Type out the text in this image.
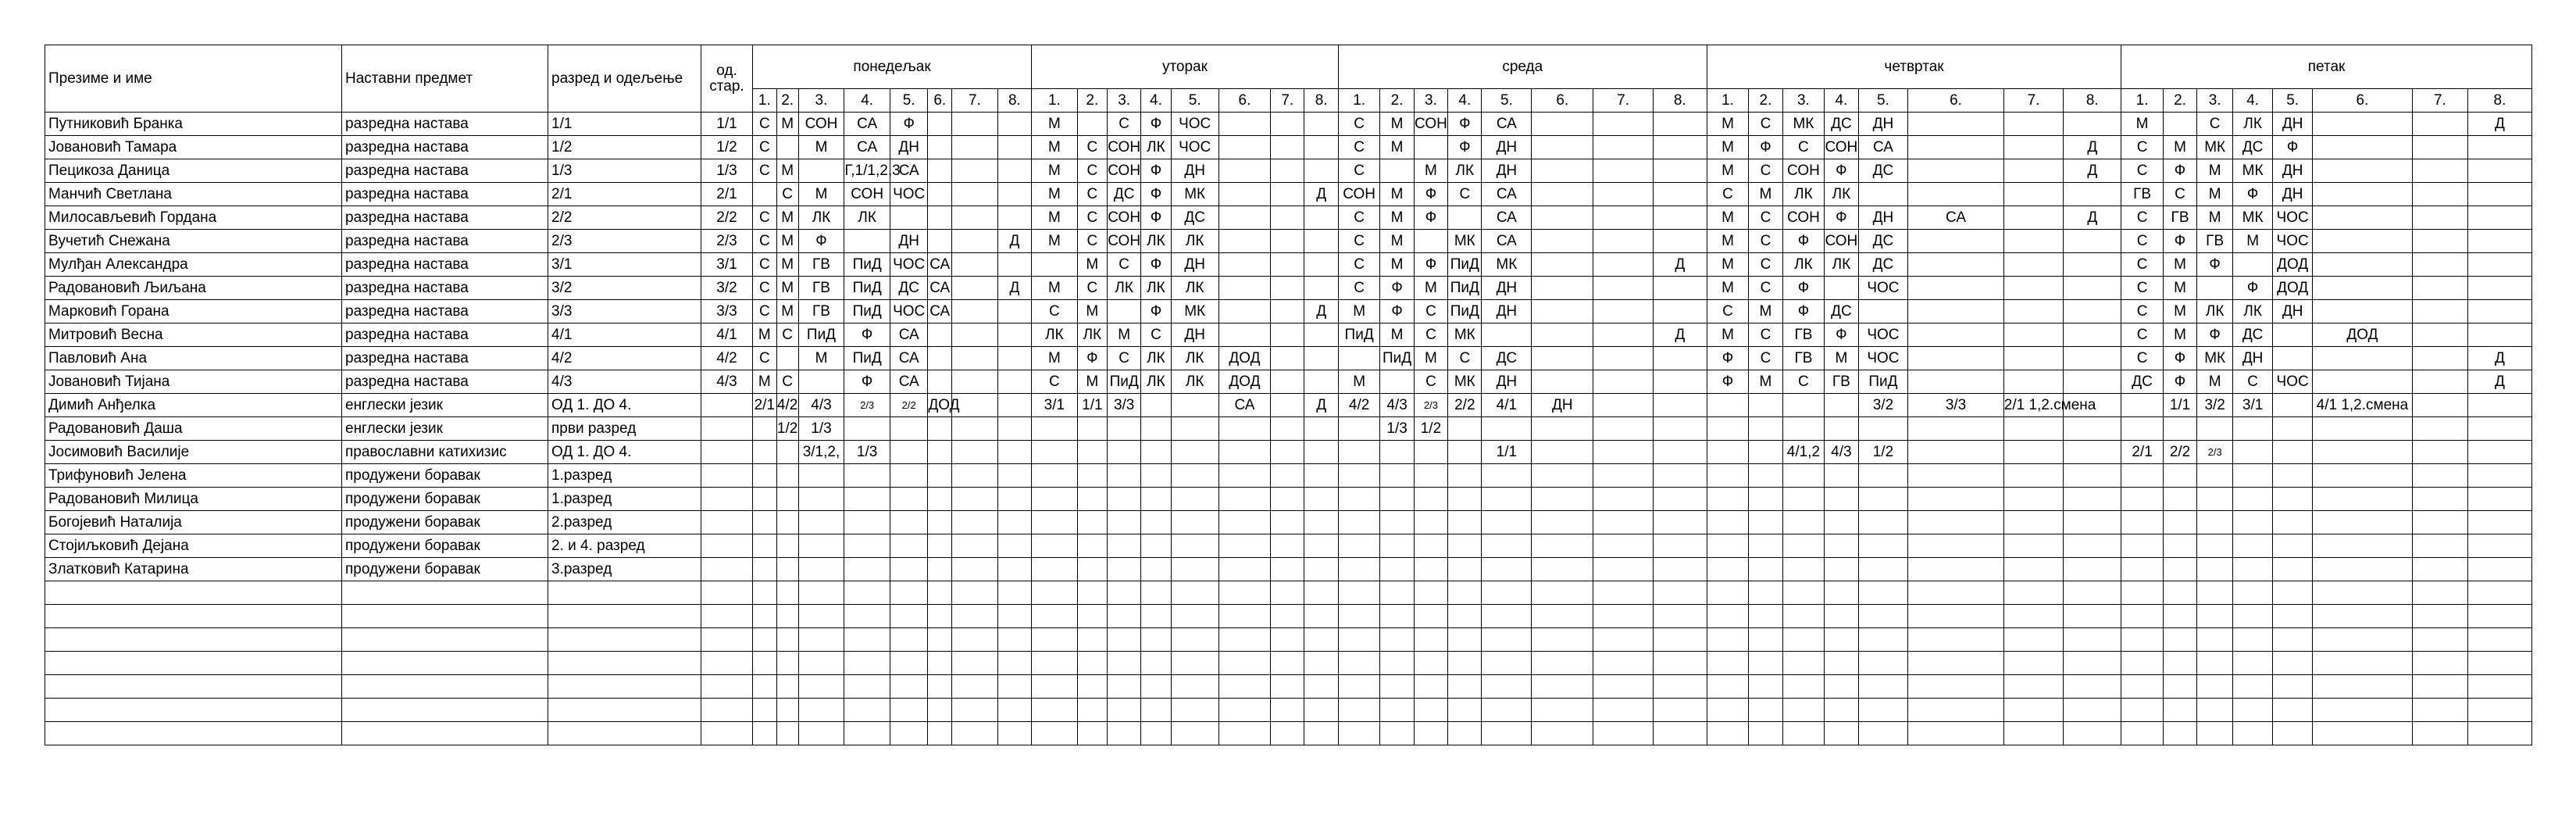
Презиме и име	Наставни предмет	разред и одељење	од. стар.	понедељак								уторак								среда								четвртак								петак							
				1.	2.	3.	4.	5.	6.	7.	8.	1.	2.	3.	4.	5.	6.	7.	8.	1.	2.	3.	4.	5.	6.	7.	8.	1.	2.	3.	4.	5.	6.	7.	8.	1.	2.	3.	4.	5.	6.	7.	8.
Путниковић Бранка	разредна настава	1/1	1/1	С	М	СОН	СА	Ф				М		С	Ф	ЧОС				С	М	СОН	Ф	СА				М	С	МК	ДС	ДН				М		С	ЛК	ДН			Д
Јовановић Тамара	разредна настава	1/2	1/2	С		М	СА	ДН				М	С	СОН	ЛК	ЧОС				С	М		Ф	ДН				М	Ф	С	СОН	СА			Д	С	М	МК	ДС	Ф			
Пецикоза Даница	разредна настава	1/3	1/3	С	М		Г,1/1,2,3	СА				М	С	СОН	Ф	ДН				С		М	ЛК	ДН				М	С	СОН	Ф	ДС			Д	С	Ф	М	МК	ДН			
Манчић Светлана	разредна настава	2/1	2/1		С	М	СОН	ЧОС				М	С	ДС	Ф	МК			Д	СОН	М	Ф	С	СА				С	М	ЛК	ЛК					ГВ	С	М	Ф	ДН			
Милосављевић Гордана	разредна настава	2/2	2/2	С	М	ЛК	ЛК					М	С	СОН	Ф	ДС				С	М	Ф		СА				М	С	СОН	Ф	ДН	СА		Д	С	ГВ	М	МК	ЧОС			
Вучетић Снежана	разредна настава	2/3	2/3	С	М	Ф		ДН			Д	М	С	СОН	ЛК	ЛК				С	М		МК	СА				М	С	Ф	СОН	ДС				С	Ф	ГВ	М	ЧОС			
Мулђан Александра	разредна настава	3/1	3/1	С	М	ГВ	ПиД	ЧОС	СА				М	С	Ф	ДН				С	М	Ф	ПиД	МК			Д	М	С	ЛК	ЛК	ДС				С	М	Ф		ДОД			
Радовановић Љиљана	разредна настава	3/2	3/2	С	М	ГВ	ПиД	ДС	СА		Д	М	С	ЛК	ЛК	ЛК				С	Ф	М	ПиД	ДН				М	С	Ф		ЧОС				С	М		Ф	ДОД			
Марковић Горана	разредна настава	3/3	3/3	С	М	ГВ	ПиД	ЧОС	СА			С	М		Ф	МК			Д	М	Ф	С	ПиД	ДН				С	М	Ф	ДС					С	М	ЛК	ЛК	ДН			
Митровић Весна	разредна настава	4/1	4/1	М	С	ПиД	Ф	СА				ЛК	ЛК	М	С	ДН				ПиД	М	С	МК				Д	М	С	ГВ	Ф	ЧОС				С	М	Ф	ДС		ДОД		
Павловић Ана	разредна настава	4/2	4/2	С		М	ПиД	СА				М	Ф	С	ЛК	ЛК	ДОД				ПиД	М	С	ДС				Ф	С	ГВ	М	ЧОС				С	Ф	МК	ДН				Д
Јовановић Тијана	разредна настава	4/3	4/3	М	С		Ф	СА				С	М	ПиД	ЛК	ЛК	ДОД			М		С	МК	ДН				Ф	М	С	ГВ	ПиД				ДС	Ф	М	С	ЧОС			Д
Димић Анђелка	енглески језик	ОД 1. ДО 4.		2/1	4/2	4/3	2/3	2/2	ДОД			3/1	1/1	3/3			СА		Д	4/2	4/3	2/3	2/2	4/1	ДН							3/2	3/3	2/1 1,2.смена			1/1	3/2	3/1		4/1 1,2.смена		
Радовановић Даша	енглески језик	први разред			1/2	1/3															1/3	1/2																					
Јосимовић Василије	православни катихизис	ОД 1. ДО 4.				3/1,2,	1/3																	1/1						4/1,2	4/3	1/2				2/1	2/2	2/3					
Трифуновић Јелена	продужени боравак	1.разред																																									
Радовановић Милица	продужени боравак	1.разред																																									
Богојевић Наталија	продужени боравак	2.разред																																									
Стојиљковић Дејана	продужени боравак	2. и 4. разред																																									
Златковић Катарина	продужени боравак	3.разред																																									
